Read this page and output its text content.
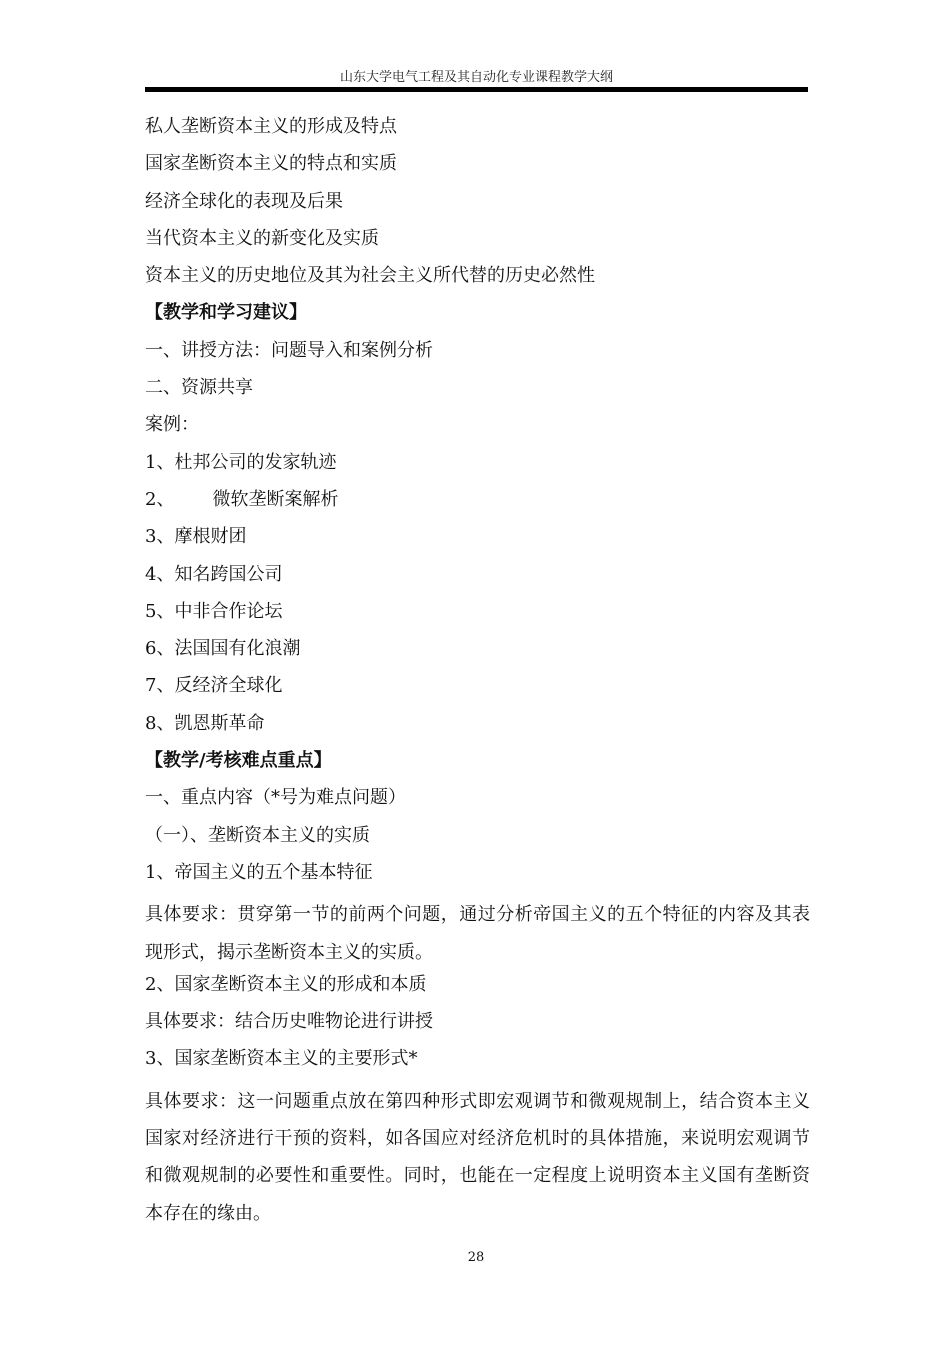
山东大学电气工程及其自动化专业课程教学大纲
私人垄断资本主义的形成及特点
国家垄断资本主义的特点和实质
经济全球化的表现及后果
当代资本主义的新变化及实质
资本主义的历史地位及其为社会主义所代替的历史必然性
【教学和学习建议】
一、讲授方法：问题导入和案例分析
二、资源共享
案例：
1、杜邦公司的发家轨迹
2、 微软垄断案解析
3、摩根财团
4、知名跨国公司
5、中非合作论坛
6、法国国有化浪潮
7、反经济全球化
8、凯恩斯革命
【教学/考核难点重点】
一、重点内容（*号为难点问题）
（一）、垄断资本主义的实质
1、帝国主义的五个基本特征

具体要求：贯穿第一节的前两个问题，通过分析帝国主义的五个特征的内容及其表现形式，揭示垄断资本主义的实质。

2、国家垄断资本主义的形成和本质
具体要求：结合历史唯物论进行讲授
3、国家垄断资本主义的主要形式*

具体要求：这一问题重点放在第四种形式即宏观调节和微观规制上，结合资本主义国家对经济进行干预的资料，如各国应对经济危机时的具体措施，来说明宏观调节和微观规制的必要性和重要性。同时，也能在一定程度上说明资本主义国有垄断资本存在的缘由。

28
